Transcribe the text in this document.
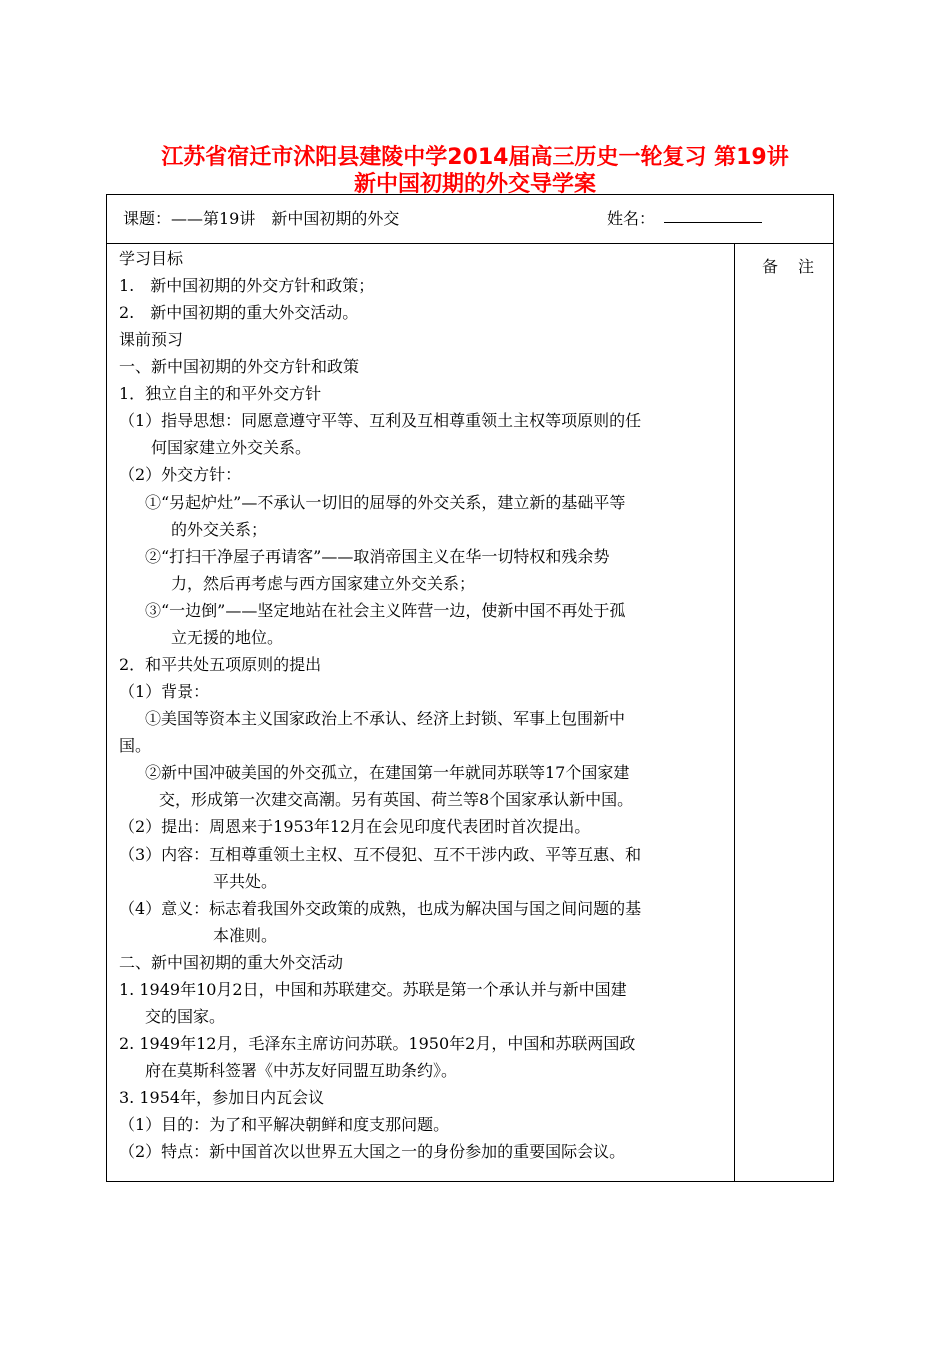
江苏省宿迁市沭阳县建陵中学2014届高三历史一轮复习 第19讲
新中国初期的外交导学案
课题：——第19讲　新中国初期的外交	姓名：
备　注
学习目标
1.　新中国初期的外交方针和政策；
2.　新中国初期的重大外交活动。
课前预习
一、新中国初期的外交方针和政策
1．独立自主的和平外交方针
（1）指导思想：同愿意遵守平等、互利及互相尊重领土主权等项原则的任
何国家建立外交关系。
（2）外交方针：
①“另起炉灶”—不承认一切旧的屈辱的外交关系，建立新的基础平等
的外交关系；
②“打扫干净屋子再请客”——取消帝国主义在华一切特权和残余势
力，然后再考虑与西方国家建立外交关系；
③“一边倒”——坚定地站在社会主义阵营一边，使新中国不再处于孤
立无援的地位。
2．和平共处五项原则的提出
（1）背景：
①美国等资本主义国家政治上不承认、经济上封锁、军事上包围新中
国。
②新中国冲破美国的外交孤立，在建国第一年就同苏联等17个国家建
交，形成第一次建交高潮。另有英国、荷兰等8个国家承认新中国。
（2）提出：周恩来于1953年12月在会见印度代表团时首次提出。
（3）内容：互相尊重领土主权、互不侵犯、互不干涉内政、平等互惠、和
平共处。
（4）意义：标志着我国外交政策的成熟，也成为解决国与国之间问题的基
本准则。
二、新中国初期的重大外交活动
1. 1949年10月2日，中国和苏联建交。苏联是第一个承认并与新中国建
交的国家。
2. 1949年12月，毛泽东主席访问苏联。1950年2月，中国和苏联两国政
府在莫斯科签署《中苏友好同盟互助条约》。
3. 1954年，参加日内瓦会议
（1）目的：为了和平解决朝鲜和度支那问题。
（2）特点：新中国首次以世界五大国之一的身份参加的重要国际会议。
